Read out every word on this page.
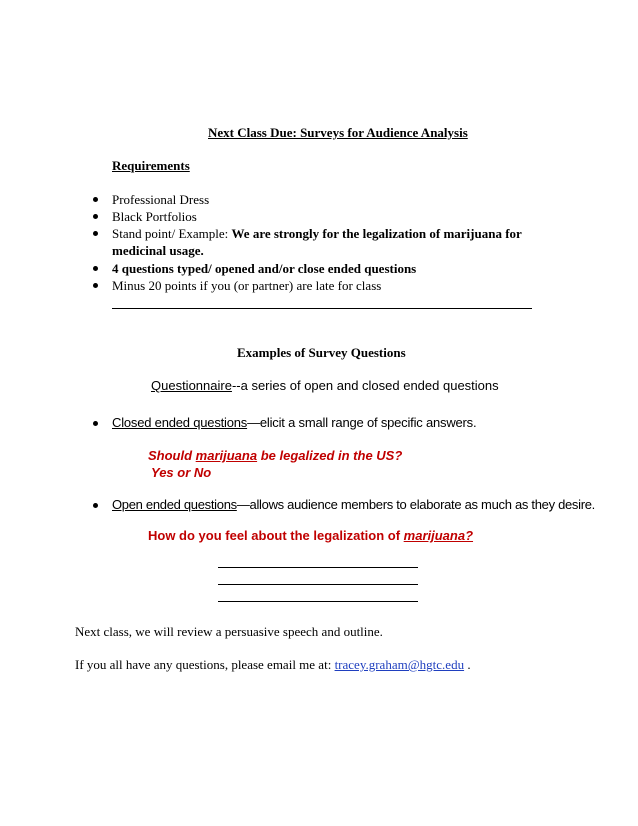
Next Class Due: Surveys for Audience Analysis
Requirements
Professional Dress
Black Portfolios
Stand point/ Example: We are strongly for the legalization of marijuana for
medicinal usage.
4 questions typed/ opened and/or close ended questions
Minus 20 points if you (or partner) are late for class
Examples of Survey Questions
Questionnaire--a series of open and closed ended questions
Closed ended questions—elicit a small range of specific answers.
Should marijuana be legalized in the US?
Yes or No
Open ended questions—allows audience members to elaborate as much as they desire.
How do you feel about the legalization of marijuana?
Next class, we will review a persuasive speech and outline.
If you all have any questions, please email me at: tracey.graham@hgtc.edu .
